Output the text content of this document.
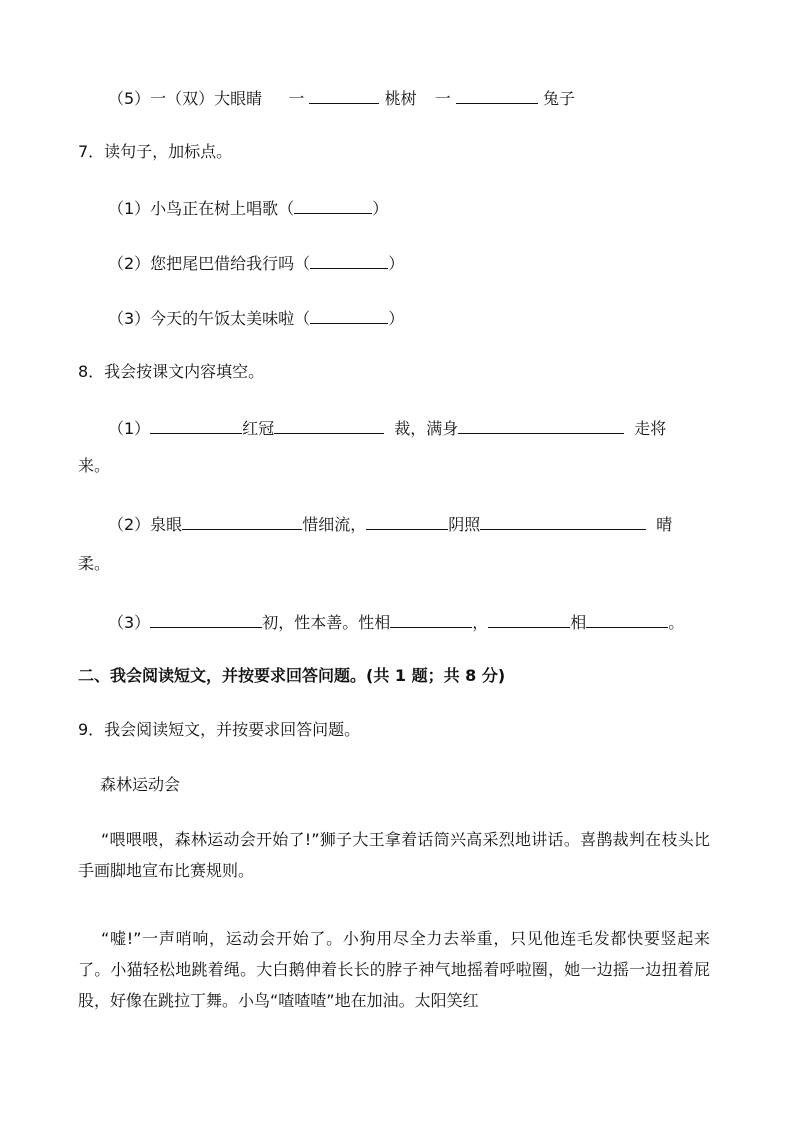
（5）一（双）大眼睛 一	桃树 一	兔子
7．读句子，加标点。
（1）小鸟正在树上唱歌（	）
（2）您把尾巴借给我行吗（	）
（3）今天的午饭太美味啦（	）
8．我会按课文内容填空。
（1）	红冠	裁，满身	走将
来。
（2）泉眼	惜细流，	阴照	晴
柔。
（3）	初，性本善。性相	，	相	。
二、我会阅读短文，并按要求回答问题。(共 1 题；共 8 分)
9．我会阅读短文，并按要求回答问题。
森林运动会
“喂喂喂，森林运动会开始了!”狮子大王拿着话筒兴高采烈地讲话。喜鹊裁判在枝头比手画脚地宣布比赛规则。
“嘘!”一声哨响，运动会开始了。小狗用尽全力去举重，只见他连毛发都快要竖起来了。小猫轻松地跳着绳。大白鹅伸着长长的脖子神气地摇着呼啦圈，她一边摇一边扭着屁股，好像在跳拉丁舞。小鸟“喳喳喳”地在加油。太阳笑红
